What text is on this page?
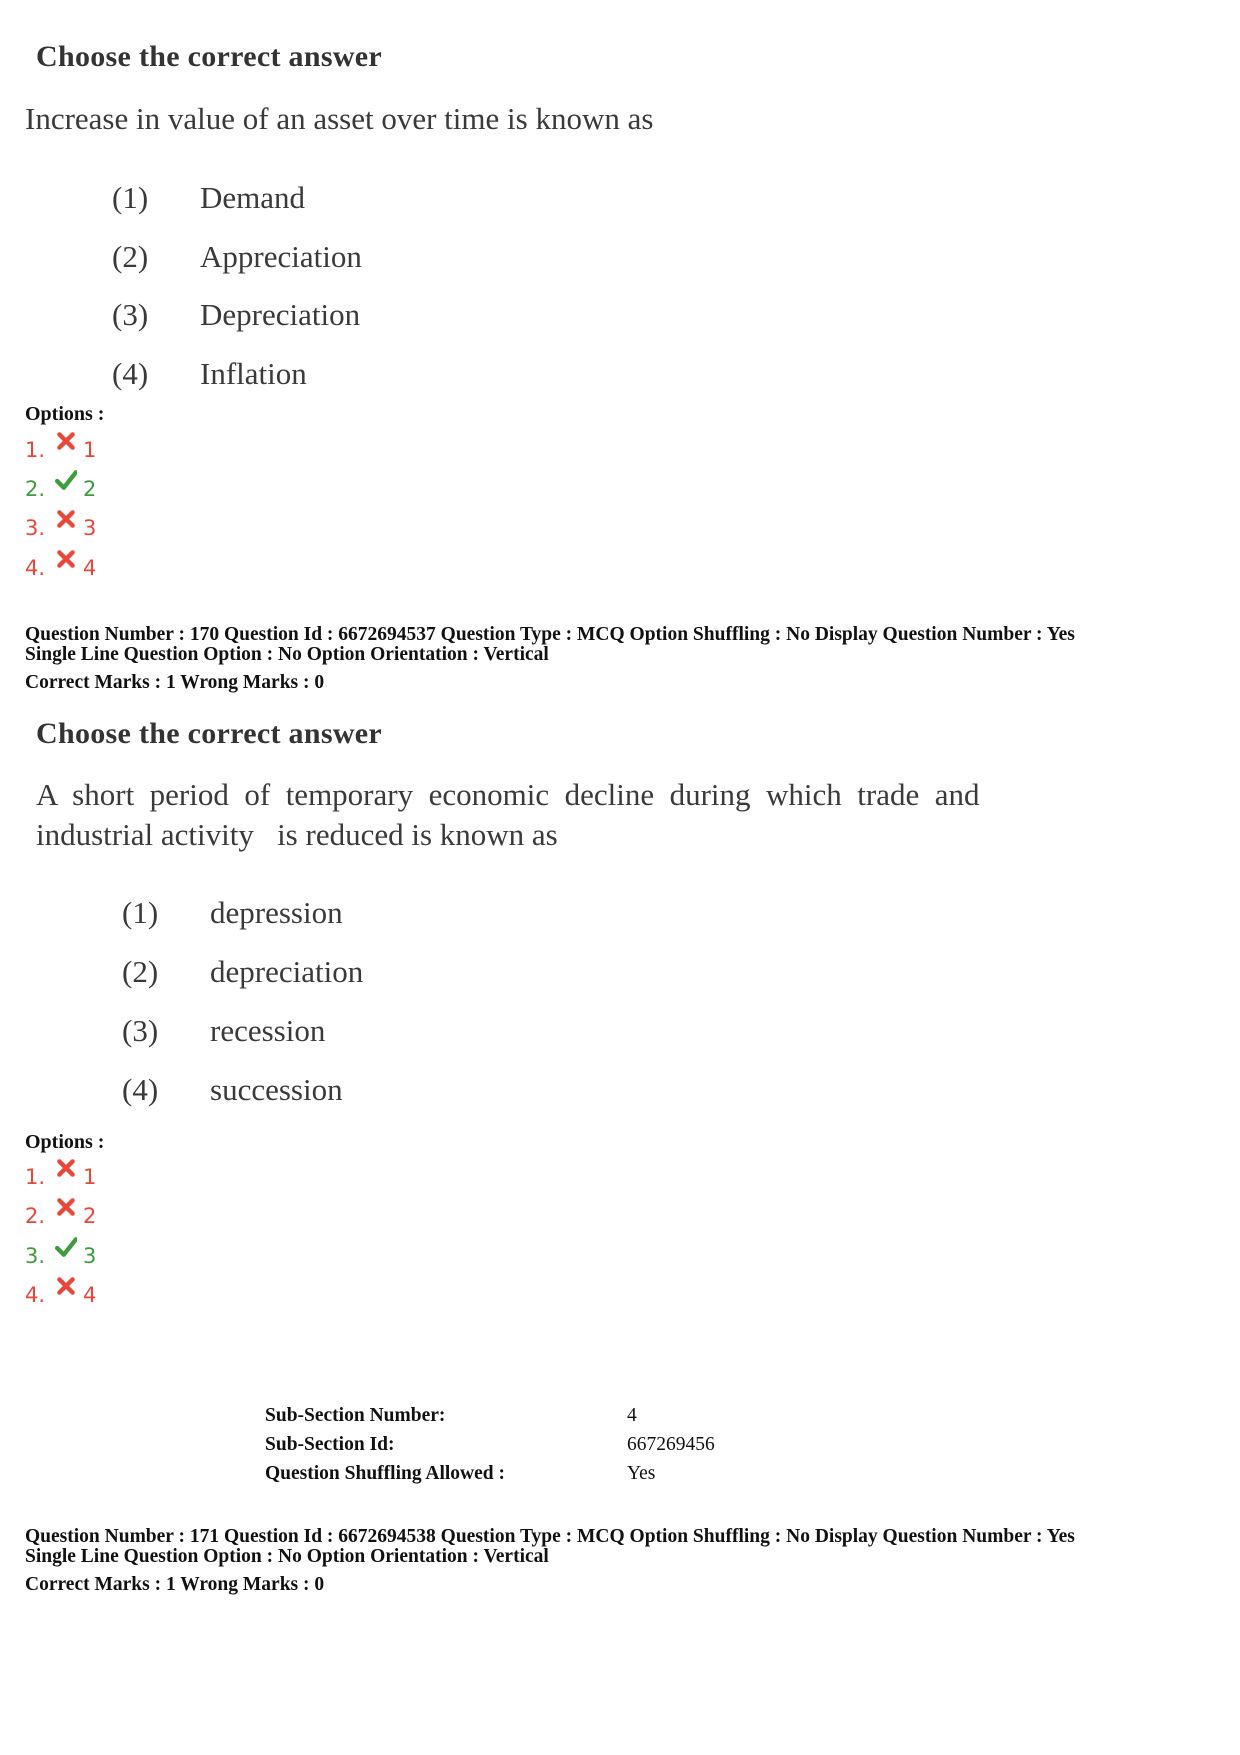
Choose the correct answer
Increase in value of an asset over time is known as
(1) Demand
(2) Appreciation
(3) Depreciation
(4) Inflation
Options :
1. 1
2. 2
3. 3
4. 4
Question Number : 170 Question Id : 6672694537 Question Type : MCQ Option Shuffling : No Display Question Number : Yes
Single Line Question Option : No Option Orientation : Vertical
Correct Marks : 1 Wrong Marks : 0
Choose the correct answer
A  short  period  of  temporary  economic  decline  during  which  trade  and
industrial activity   is reduced is known as
(1) depression
(2) depreciation
(3) recession
(4) succession
Options :
1. 1
2. 2
3. 3
4. 4
Sub-Section Number:	4
Sub-Section Id:	667269456
Question Shuffling Allowed :	Yes
Question Number : 171 Question Id : 6672694538 Question Type : MCQ Option Shuffling : No Display Question Number : Yes
Single Line Question Option : No Option Orientation : Vertical
Correct Marks : 1 Wrong Marks : 0
